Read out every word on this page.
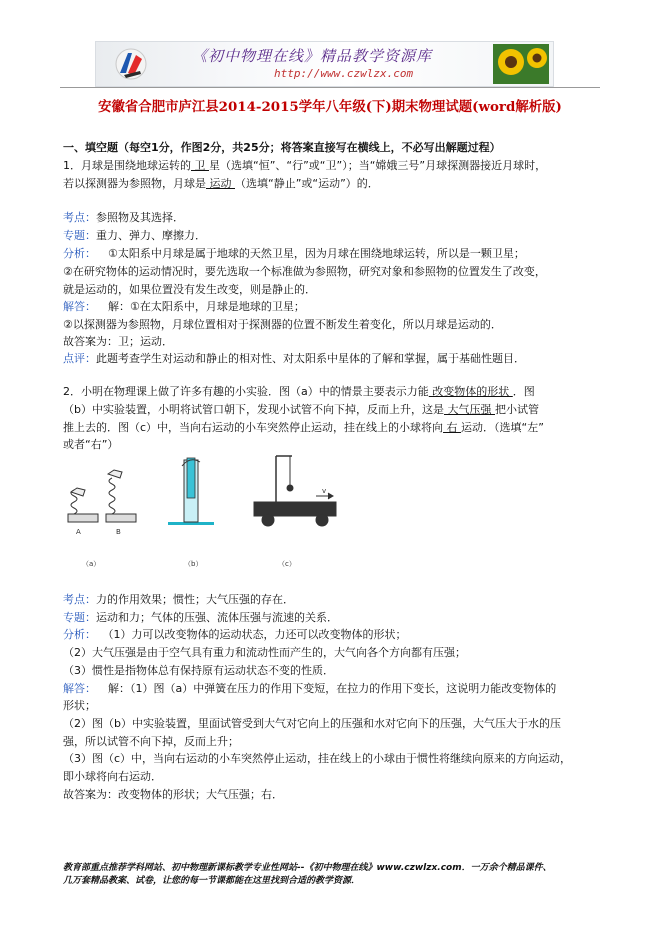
《初中物理在线》精品教学资源库
http://www.czwlzx.com
安徽省合肥市庐江县2014-2015学年八年级(下)期末物理试题(word解析版)
一、填空题（每空1分，作图2分，共25分；将答案直接写在横线上，不必写出解题过程）
1．月球是围绕地球运转的 卫 星（选填“恒”、“行”或“卫”）；当“嫦娥三号”月球探测器接近月球时，
若以探测器为参照物，月球是 运动 （选填“静止”或“运动”）的．
考点：参照物及其选择．
专题：重力、弹力、摩擦力．
分析： ①太阳系中月球是属于地球的天然卫星，因为月球在围绕地球运转，所以是一颗卫星；
②在研究物体的运动情况时，要先选取一个标准做为参照物，研究对象和参照物的位置发生了改变，
就是运动的，如果位置没有发生改变，则是静止的．
解答： 解：①在太阳系中，月球是地球的卫星；
②以探测器为参照物，月球位置相对于探测器的位置不断发生着变化，所以月球是运动的．
故答案为：卫；运动．
点评：此题考查学生对运动和静止的相对性、对太阳系中星体的了解和掌握，属于基础性题目．
2．小明在物理课上做了许多有趣的小实验．图（a）中的情景主要表示力能 改变物体的形状 ．图
（b）中实验装置，小明将试管口朝下，发现小试管不向下掉，反而上升，这是 大气压强 把小试管
推上去的．图（c）中，当向右运动的小车突然停止运动，挂在线上的小球将向 右 运动．（选填“左”
或者“右”）
A	B
v
（a）	（b）	（c）
考点：力的作用效果；惯性；大气压强的存在．
专题：运动和力；气体的压强、流体压强与流速的关系．
分析： （1）力可以改变物体的运动状态，力还可以改变物体的形状；
（2）大气压强是由于空气具有重力和流动性而产生的，大气向各个方向都有压强；
（3）惯性是指物体总有保持原有运动状态不变的性质．
解答： 解：（1）图（a）中弹簧在压力的作用下变短，在拉力的作用下变长，这说明力能改变物体的
形状；
（2）图（b）中实验装置，里面试管受到大气对它向上的压强和水对它向下的压强，大气压大于水的压
强，所以试管不向下掉，反而上升；
（3）图（c）中，当向右运动的小车突然停止运动，挂在线上的小球由于惯性将继续向原来的方向运动，
即小球将向右运动．
故答案为：改变物体的形状；大气压强；右．
教育部重点推荐学科网站、初中物理新课标教学专业性网站--《初中物理在线》www.czwlzx.com．一万余个精品课件、
几万套精品教案、试卷，让您的每一节课都能在这里找到合适的教学资源．
